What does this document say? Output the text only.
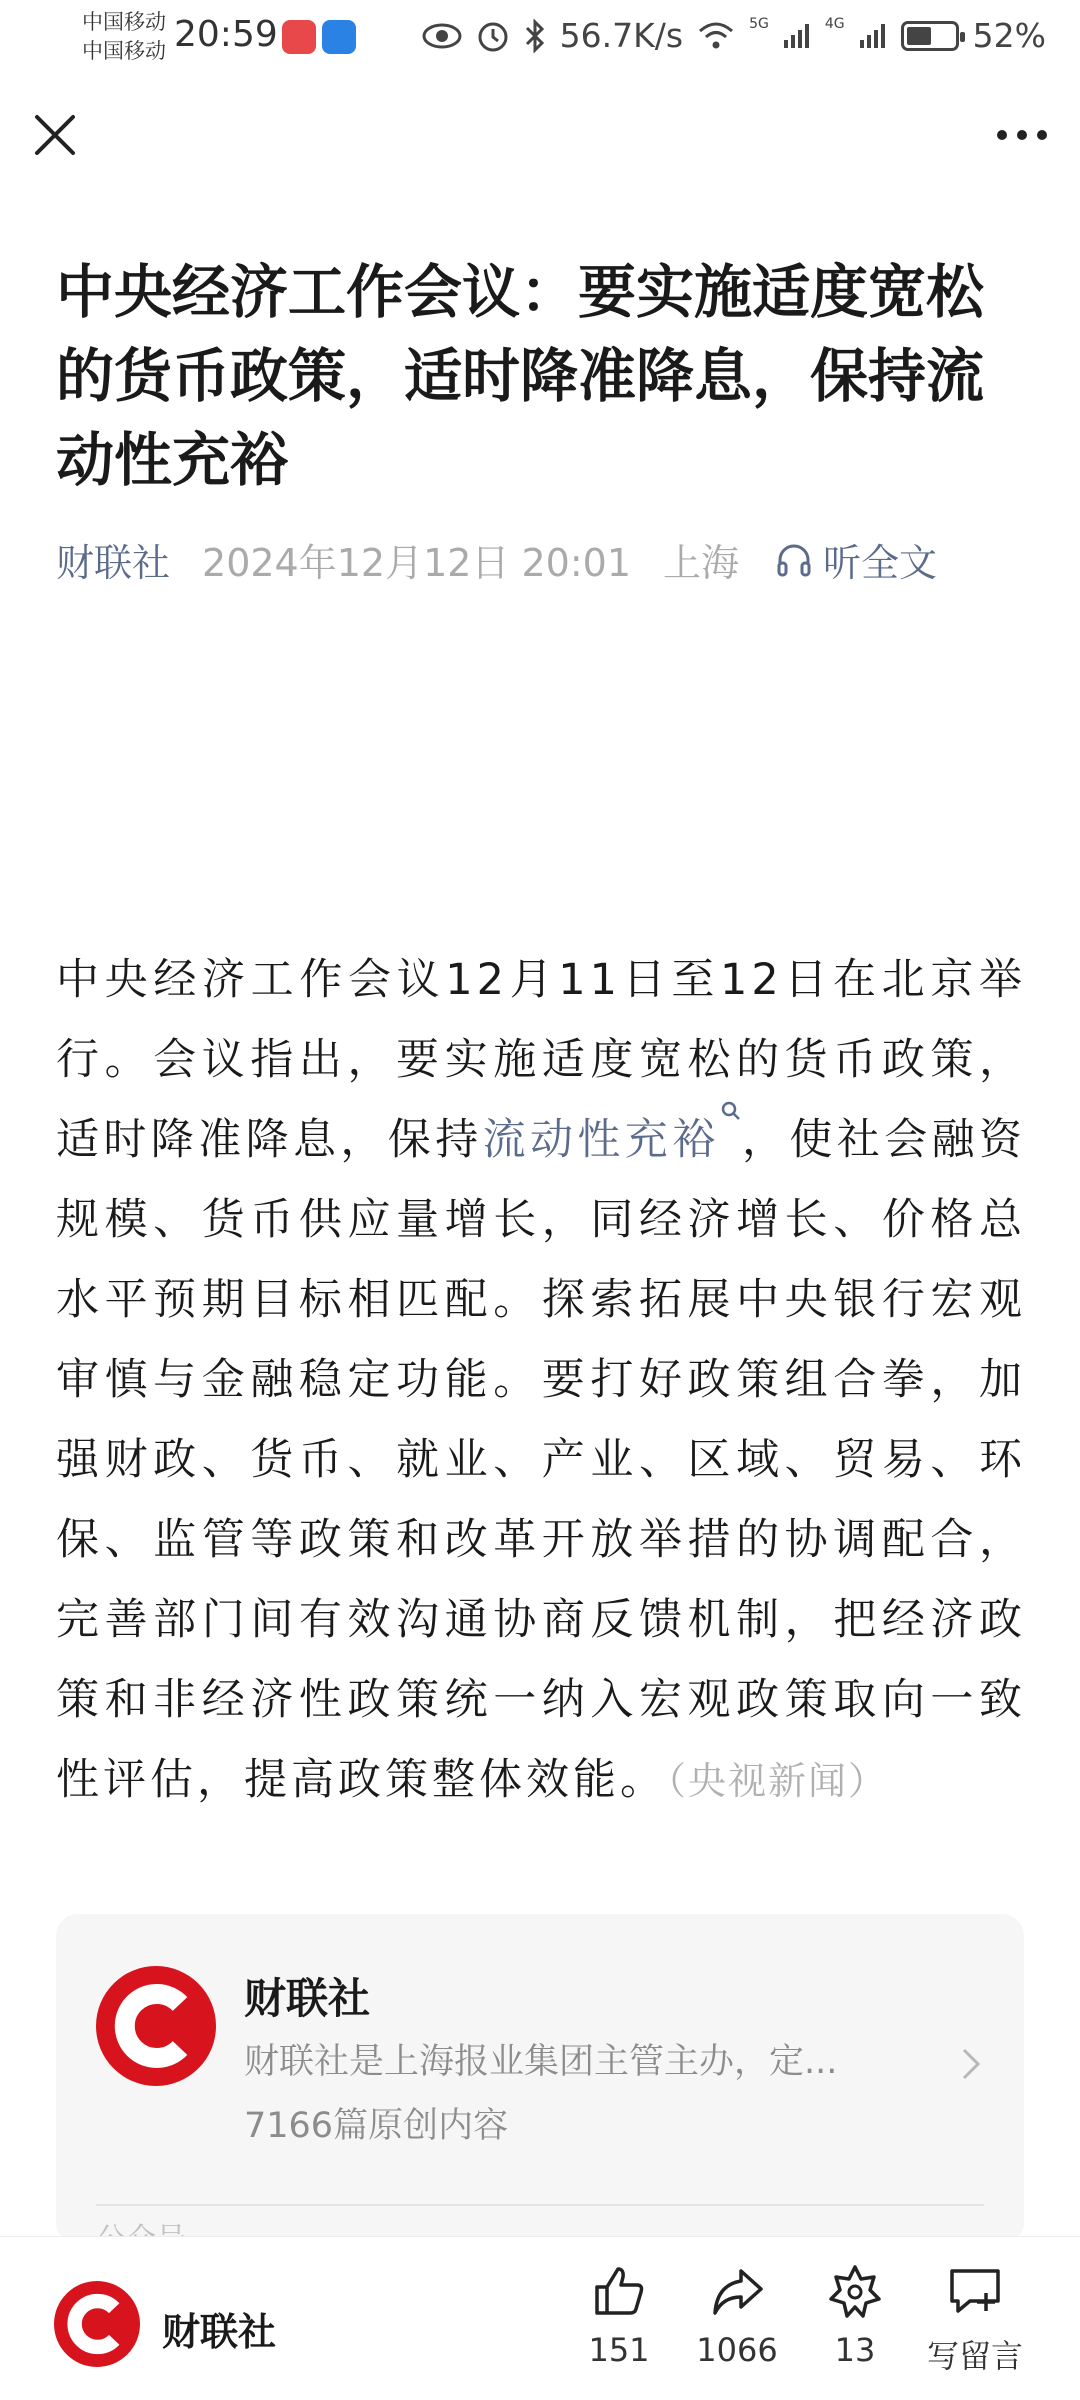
中国移动
中国移动 20:59	56.7K/s	5G	4G	52%
中央经济工作会议：要实施适度宽松的货币政策，适时降准降息，保持流动性充裕
财联社 2024年12月12日 20:01 上海 听全文
中央经济工作会议12月11日至12日在北京举行。会议指出，要实施适度宽松的货币政策，适时降准降息，保持流动性充裕 ，使社会融资规模、货币供应量增长，同经济增长、价格总水平预期目标相匹配。探索拓展中央银行宏观审慎与金融稳定功能。要打好政策组合拳，加强财政、货币、就业、产业、区域、贸易、环保、监管等政策和改革开放举措的协调配合，完善部门间有效沟通协商反馈机制，把经济政策和非经济性政策统一纳入宏观政策取向一致性评估，提高政策整体效能。（央视新闻）
财联社
财联社是上海报业集团主管主办，定...
7166篇原创内容
财联社	151	1066	13	写留言
